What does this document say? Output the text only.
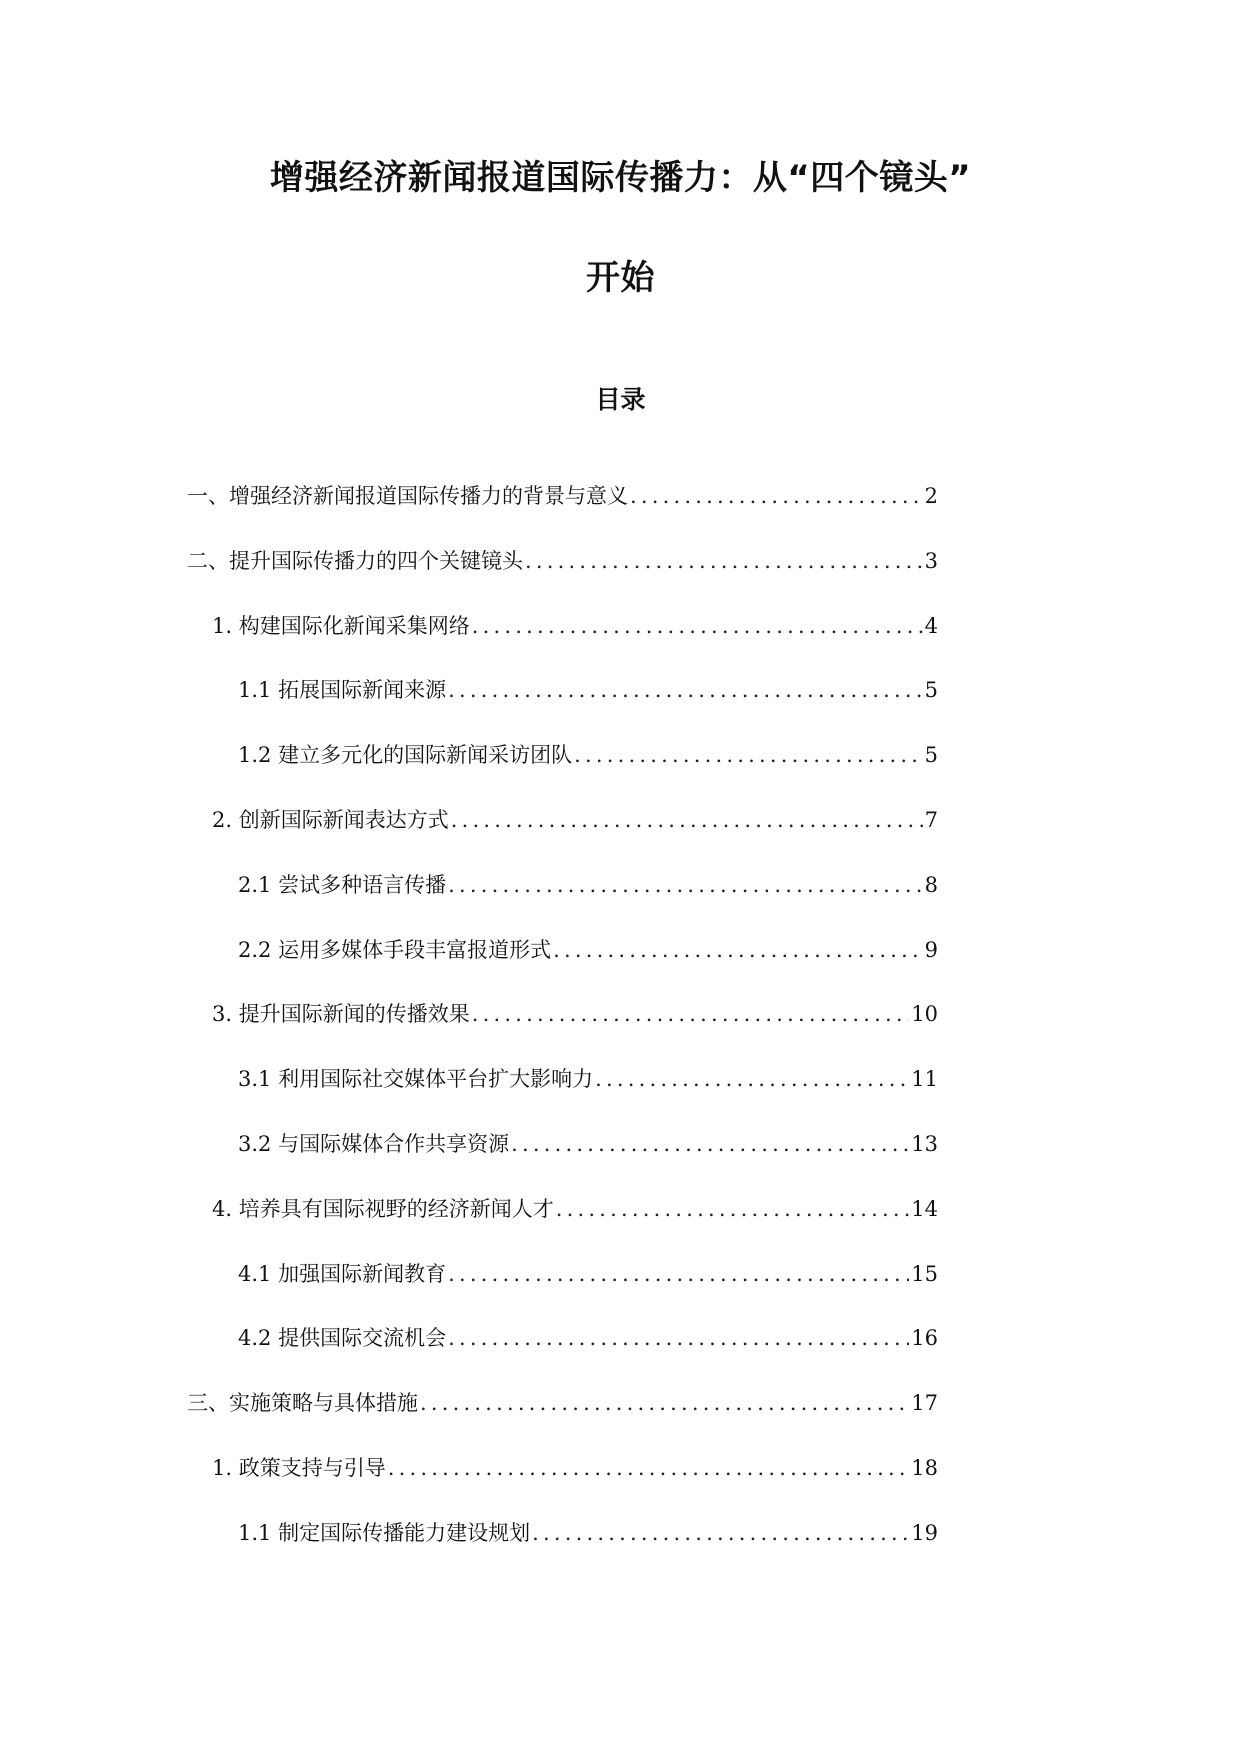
增强经济新闻报道国际传播力：从“四个镜头”
开始
目录
一、增强经济新闻报道国际传播力的背景与意义 .....	2
二、提升国际传播力的四个关键镜头 .....	3
1. 构建国际化新闻采集网络 .....	4
1.1 拓展国际新闻来源 .....	5
1.2 建立多元化的国际新闻采访团队 .....	5
2. 创新国际新闻表达方式 .....	7
2.1 尝试多种语言传播 .....	8
2.2 运用多媒体手段丰富报道形式 .....	9
3. 提升国际新闻的传播效果 .....	10
3.1 利用国际社交媒体平台扩大影响力 .....	11
3.2 与国际媒体合作共享资源 .....	13
4. 培养具有国际视野的经济新闻人才 .....	14
4.1 加强国际新闻教育 .....	15
4.2 提供国际交流机会 .....	16
三、实施策略与具体措施 .....	17
1. 政策支持与引导 .....	18
1.1 制定国际传播能力建设规划 .....	19
